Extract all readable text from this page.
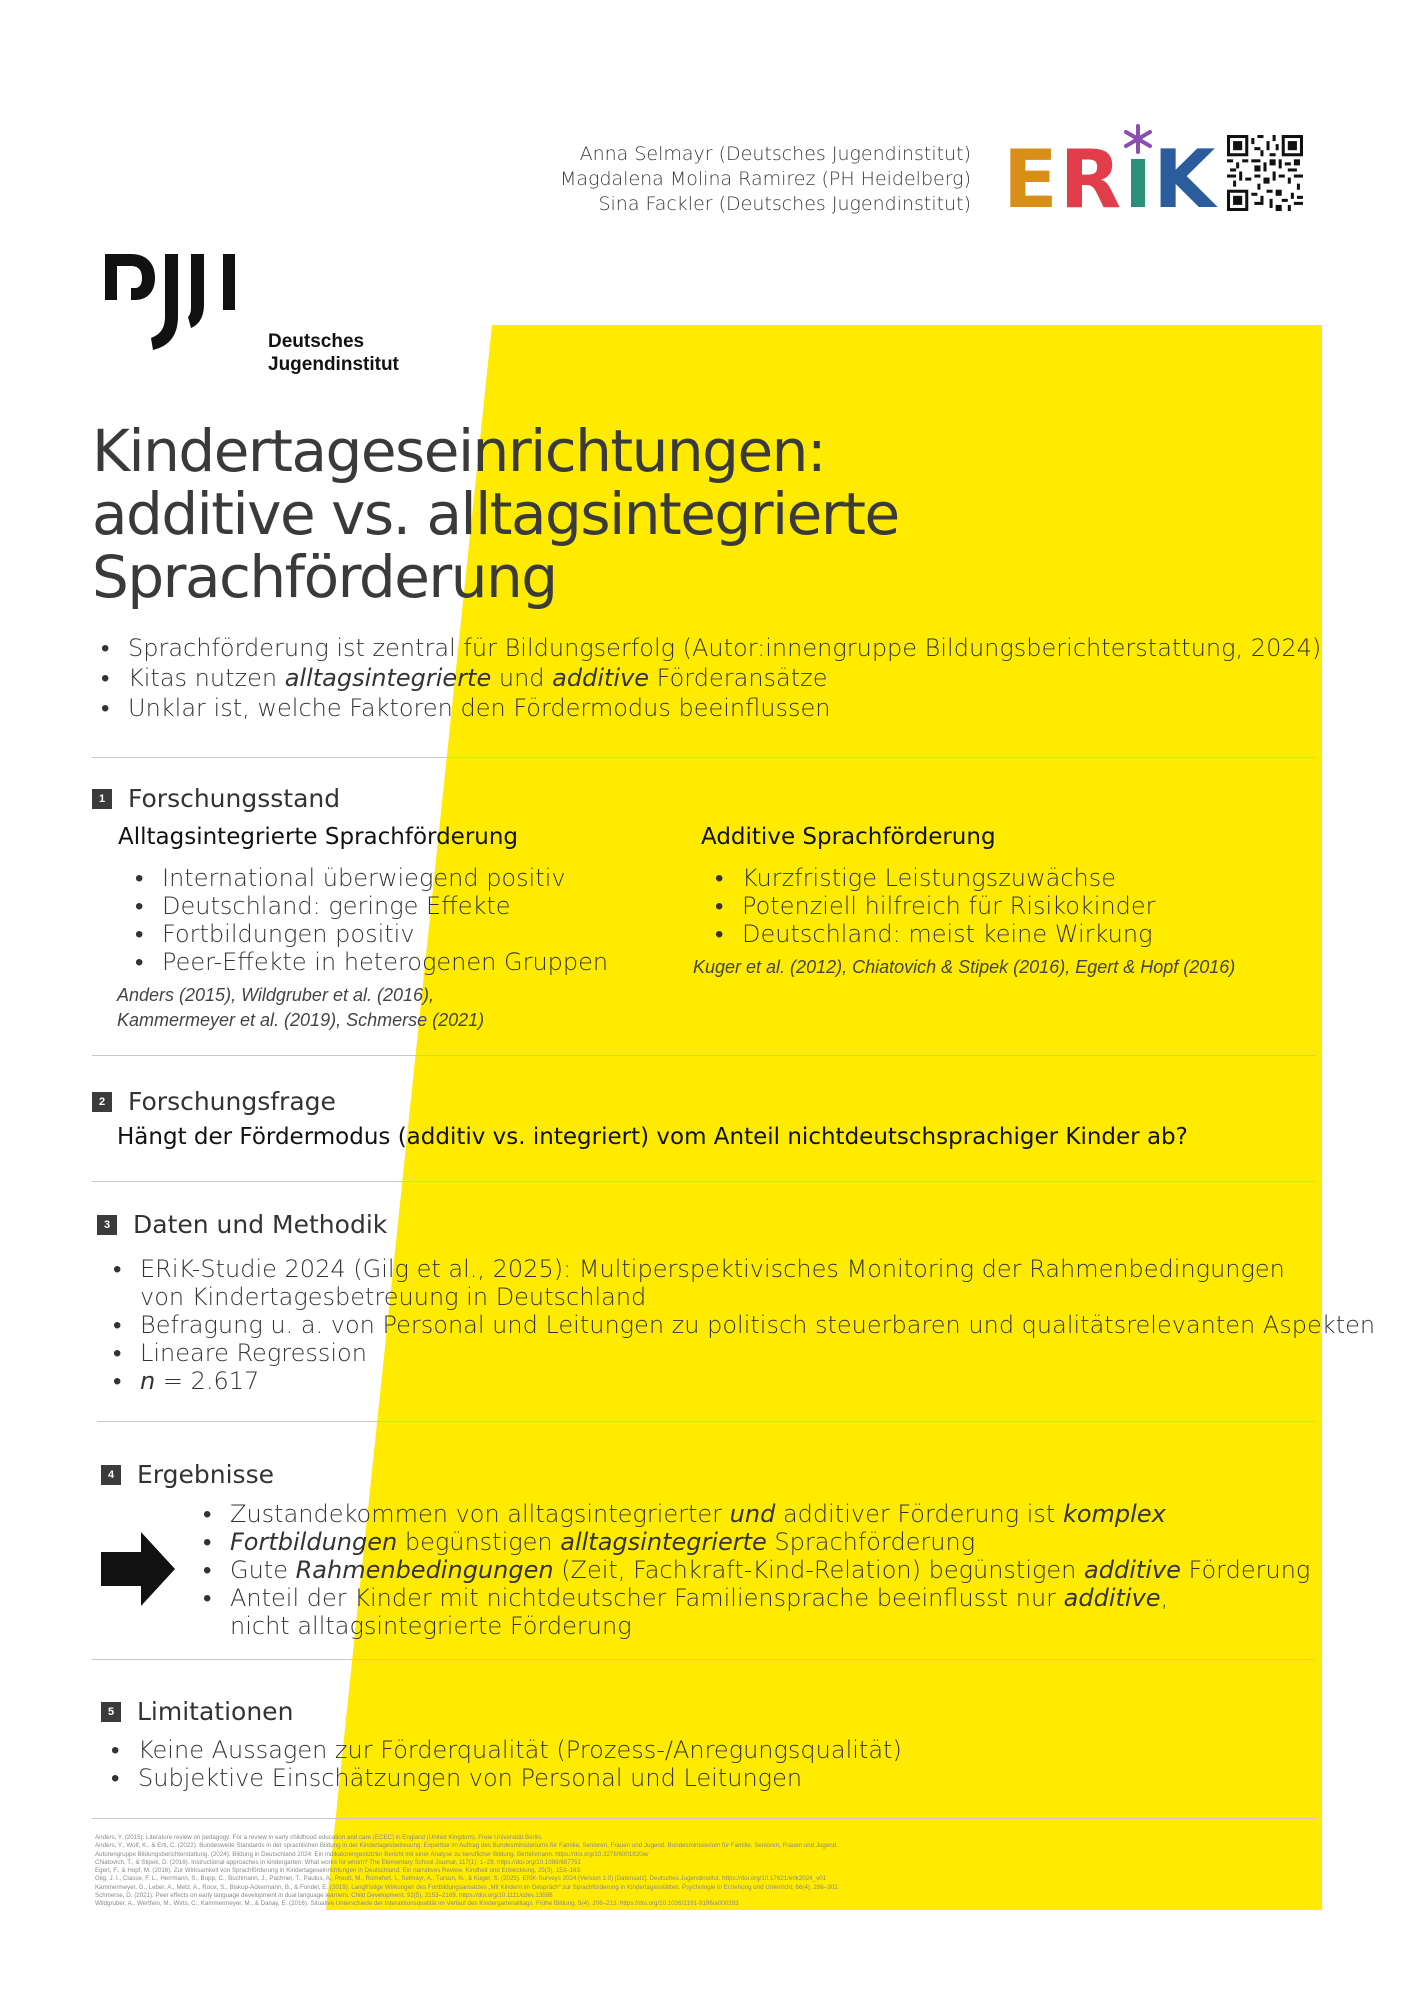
Anna Selmayr (Deutsches Jugendinstitut)
Magdalena Molina Ramirez (PH Heidelberg)
Sina Fackler (Deutsches Jugendinstitut) ER K
Deutsches
Jugendinstitut
Kindertageseinrichtungen:
additive vs. alltagsintegrierte
Sprachförderung
• Sprachförderung ist zentral für Bildungserfolg (Autor:innengruppe Bildungsberichterstattung, 2024)
• Kitas nutzen alltagsintegrierte und additive Förderansätze
• Unklar ist, welche Faktoren den Fördermodus beeinflussen
1 Forschungsstand
Alltagsintegrierte Sprachförderung
• International überwiegend positiv
• Deutschland: geringe Effekte
• Fortbildungen positiv
• Peer-Effekte in heterogenen Gruppen
Anders (2015), Wildgruber et al. (2016),
Kammermeyer et al. (2019), Schmerse (2021)
Additive Sprachförderung
• Kurzfristige Leistungszuwächse
• Potenziell hilfreich für Risikokinder
• Deutschland: meist keine Wirkung
Kuger et al. (2012), Chiatovich & Stipek (2016), Egert & Hopf (2016)
2 Forschungsfrage
Hängt der Fördermodus (additiv vs. integriert) vom Anteil nichtdeutschsprachiger Kinder ab?
3 Daten und Methodik
• ERiK-Studie 2024 (Gilg et al., 2025): Multiperspektivisches Monitoring der Rahmenbedingungen von Kindertagesbetreuung in Deutschland
• Befragung u. a. von Personal und Leitungen zu politisch steuerbaren und qualitätsrelevanten Aspekten
• Lineare Regression
• n = 2.617
4 Ergebnisse
• Zustandekommen von alltagsintegrierter und additiver Förderung ist komplex
• Fortbildungen begünstigen alltagsintegrierte Sprachförderung
• Gute Rahmenbedingungen (Zeit, Fachkraft-Kind-Relation) begünstigen additive Förderung
• Anteil der Kinder mit nichtdeutscher Familiensprache beeinflusst nur additive, nicht alltagsintegrierte Förderung
5 Limitationen
• Keine Aussagen zur Förderqualität (Prozess-/Anregungsqualität)
• Subjektive Einschätzungen von Personal und Leitungen
Anders, Y. (2015). Literature review on pedagogy: For a review in early childhood education and care (ECEC) in England (United Kingdom). Freie Universität Berlin.
Anders, Y., Wolf, K., & Ertl, C. (2022). Bundesweite Standards in der sprachlichen Bildung in der Kindertagesbetreuung: Expertise im Auftrag des Bundesministeriums für Familie, Senioren, Frauen und Jugend. Bundesministerium für Familie, Senioren, Frauen und Jugend.
Autorengruppe Bildungsberichterstattung. (2024). Bildung in Deutschland 2024: Ein indikatorengestützter Bericht mit einer Analyse zu beruflicher Bildung. Bertelsmann. https://doi.org/10.3278/6001820iw
Chiatovich, T., & Stipek, D. (2016). Instructional approaches in kindergarten: What works for whom? The Elementary School Journal, 117(1), 1–29. https://doi.org/10.1086/687751
Egert, F., & Hopf, M. (2016). Zur Wirksamkeit von Sprachförderung in Kindertageseinrichtungen in Deutschland: Ein narratives Review. Kindheit und Entwicklung, 25(3), 153–163.
Gilg, J. I., Classe, F. L., Herrmann, S., Bopp, C., Buchmann, J., Pachner, T., Paulus, A., Preuß, M., Romefort, I., Selmayr, A., Tursun, N., & Kuger, S. (2025). ERiK-Surveys 2024 (Version 1.0) [Datensatz]. Deutsches Jugendinstitut. https://doi.org/10.17621/erik2024_v01
Kammermeyer, G., Leber, A., Metz, A., Roux, S., Biskup-Ackermann, B., & Fondel, E. (2019). Langfristige Wirkungen des Fortbildungsansatzes „Mit Kindern im Gespräch“ zur Sprachförderung in Kindertagesstätten. Psychologie in Erziehung und Unterricht, 66(4), 286–302.
Schmerse, D. (2021). Peer effects on early language development in dual language learners. Child Development, 92(5), 2153–2169. https://doi.org/10.1111/cdev.13588
Wildgruber, A., Wertfein, M., Wirts, C., Kammermeyer, M., & Danay, E. (2016). Situative Unterschiede der Interaktionsqualität im Verlauf des Kindergartenalltags. Frühe Bildung, 5(4), 206–213. https://doi.org/10.1026/2191-9186/a000283
